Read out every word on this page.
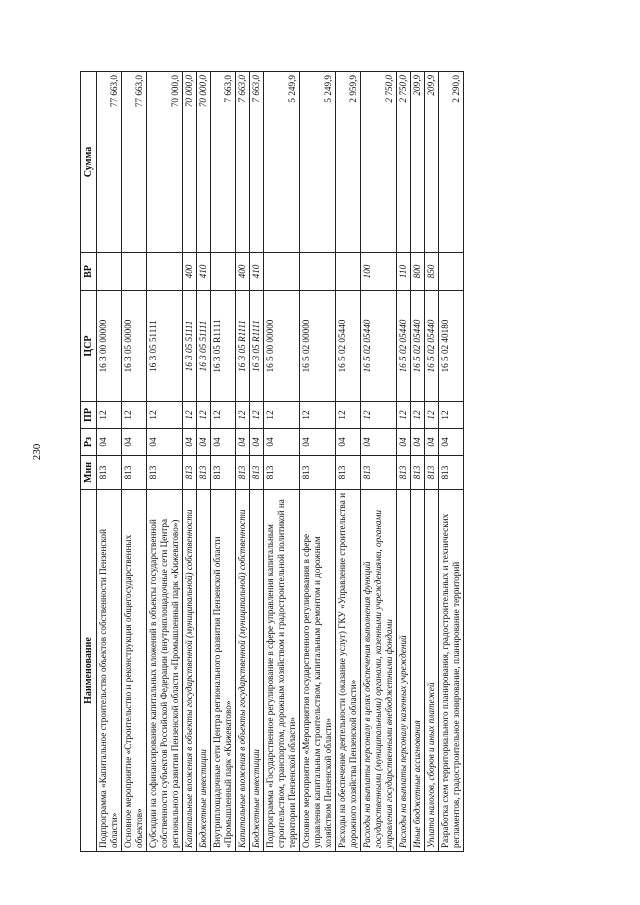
230
Наименование	Мин	Рз	ПР	ЦСР	ВР	Сумма
Подпрограмма «Капитальное строительство объектов собственности Пензенской области»	813	04	12	16 3 00 00000		77 663,0
Основное мероприятие «Строительство и реконструкция общегосударственных объектов»	813	04	12	16 3 05 00000		77 663,0
Субсидии на софинансирование капитальных вложений в объекты государственной собственности субъектов Российской Федерации (внутриплощадочные сети Центра регионального развития Пензенской области «Промышленный парк «Кижеватово»)	813	04	12	16 3 05 51111		70 000,0
Капитальные вложения в объекты государственной (муниципальной) собственности	813	04	12	16 3 05 51111	400	70 000,0
Бюджетные инвестиции	813	04	12	16 3 05 51111	410	70 000,0
Внутриплощадочные сети Центра регионального развития Пензенской области «Промышленный парк «Кижеватово»	813	04	12	16 3 05 R1111		7 663,0
Капитальные вложения в объекты государственной (муниципальной) собственности	813	04	12	16 3 05 R1111	400	7 663,0
Бюджетные инвестиции	813	04	12	16 3 05 R1111	410	7 663,0
Подпрограмма «Государственное регулирование в сфере управления капитальным строительством, транспортом, дорожным хозяйством и градостроительной политикой на территории Пензенской области»	813	04	12	16 5 00 00000		5 249,9
Основное мероприятие «Мероприятия государственного регулирования в сфере управления капитальным строительством, капитальным ремонтом и дорожным хозяйством Пензенской области»	813	04	12	16 5 02 00000		5 249,9
Расходы на обеспечение деятельности (оказание услуг) ГКУ «Управление строительства и дорожного хозяйства Пензенской области»	813	04	12	16 5 02 05440		2 959,9
Расходы на выплаты персоналу в целях обеспечения выполнения функций государственными (муниципальными) органами, казенными учреждениями, органами управления государственными внебюджетными фондами	813	04	12	16 5 02 05440	100	2 750,0
Расходы на выплаты персоналу казенных учреждений	813	04	12	16 5 02 05440	110	2 750,0
Иные бюджетные ассигнования	813	04	12	16 5 02 05440	800	209,9
Уплата налогов, сборов и иных платежей	813	04	12	16 5 02 05440	850	209,9
Разработка схем территориального планирования, градостроительных и технических регламентов, градостроительное зонирование, планирование территорий	813	04	12	16 5 02 40180		2 290,0
